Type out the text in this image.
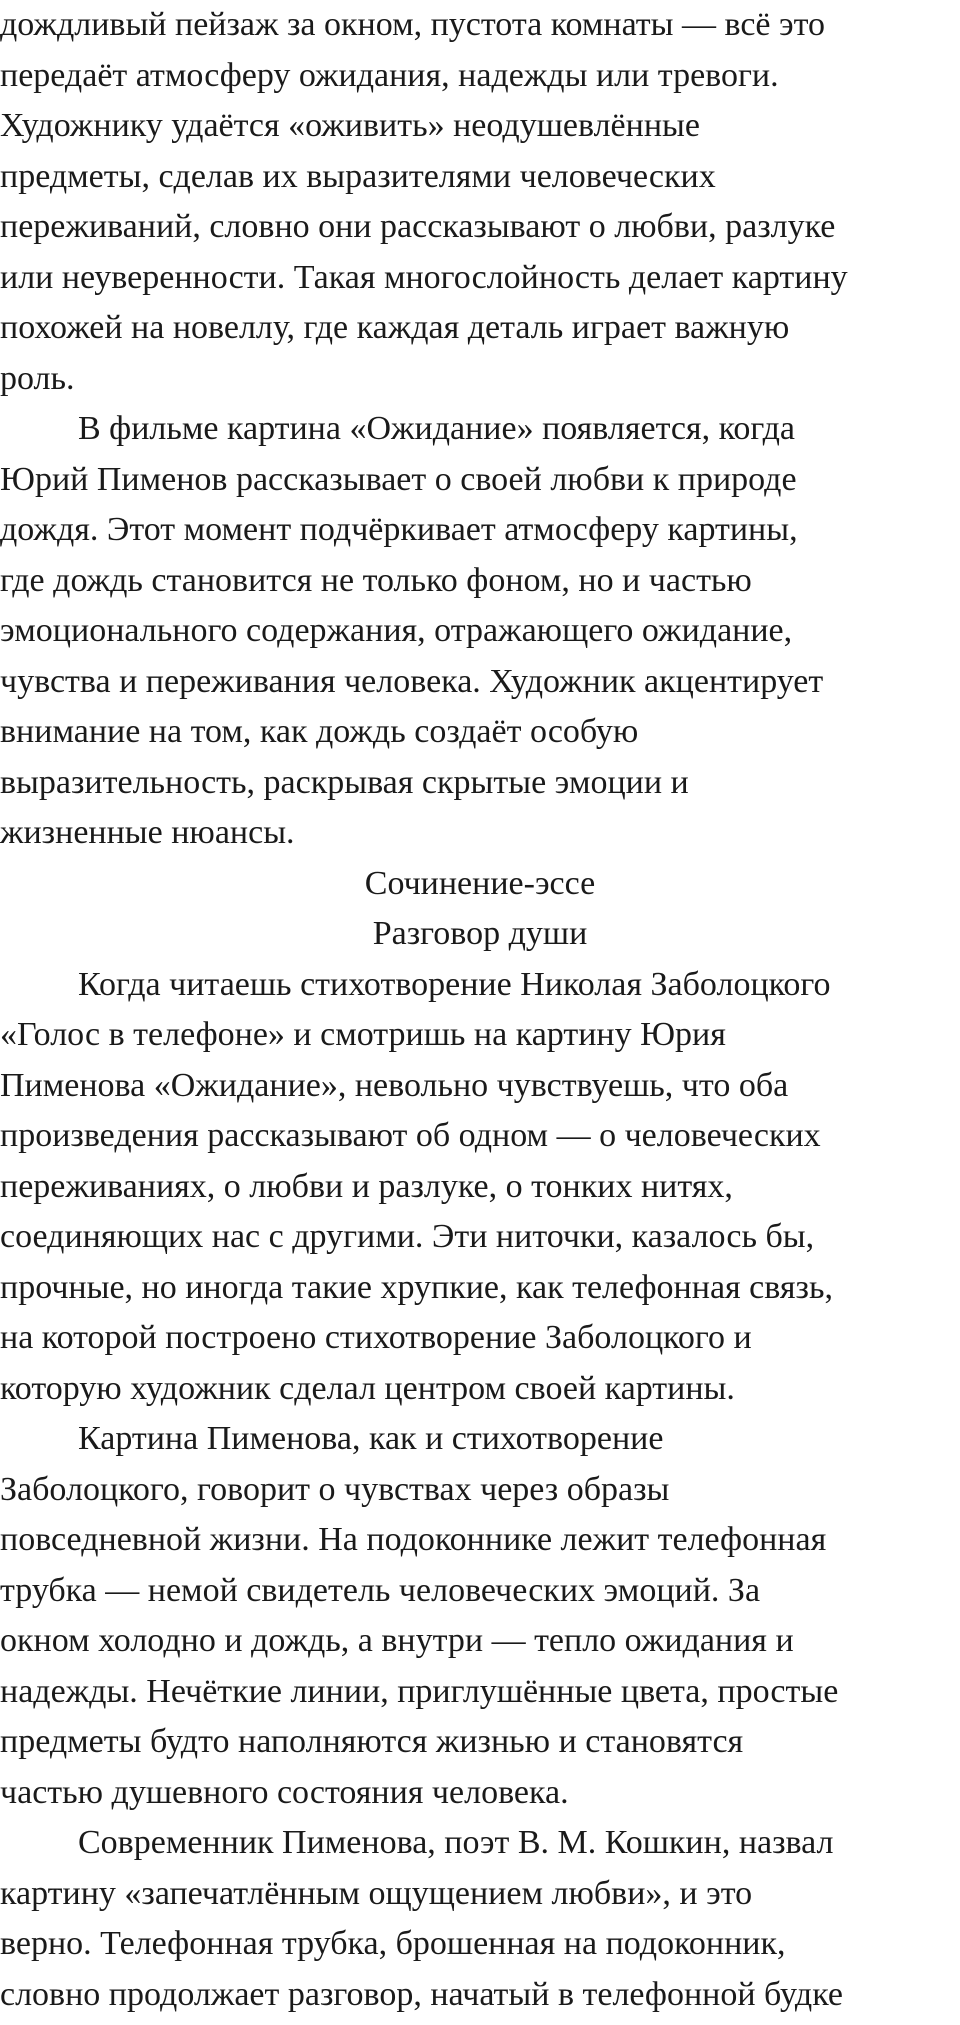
дождливый пейзаж за окном, пустота комнаты — всё это
передаёт атмосферу ожидания, надежды или тревоги.
Художнику удаётся «оживить» неодушевлённые
предметы, сделав их выразителями человеческих
переживаний, словно они рассказывают о любви, разлуке
или неуверенности. Такая многослойность делает картину
похожей на новеллу, где каждая деталь играет важную
роль.
В фильме картина «Ожидание» появляется, когда
Юрий Пименов рассказывает о своей любви к природе
дождя. Этот момент подчёркивает атмосферу картины,
где дождь становится не только фоном, но и частью
эмоционального содержания, отражающего ожидание,
чувства и переживания человека. Художник акцентирует
внимание на том, как дождь создаёт особую
выразительность, раскрывая скрытые эмоции и
жизненные нюансы.
Сочинение-эссе
Разговор души
Когда читаешь стихотворение Николая Заболоцкого
«Голос в телефоне» и смотришь на картину Юрия
Пименова «Ожидание», невольно чувствуешь, что оба
произведения рассказывают об одном — о человеческих
переживаниях, о любви и разлуке, о тонких нитях,
соединяющих нас с другими. Эти ниточки, казалось бы,
прочные, но иногда такие хрупкие, как телефонная связь,
на которой построено стихотворение Заболоцкого и
которую художник сделал центром своей картины.
Картина Пименова, как и стихотворение
Заболоцкого, говорит о чувствах через образы
повседневной жизни. На подоконнике лежит телефонная
трубка — немой свидетель человеческих эмоций. За
окном холодно и дождь, а внутри — тепло ожидания и
надежды. Нечёткие линии, приглушённые цвета, простые
предметы будто наполняются жизнью и становятся
частью душевного состояния человека.
Современник Пименова, поэт В. М. Кошкин, назвал
картину «запечатлённым ощущением любви», и это
верно. Телефонная трубка, брошенная на подоконник,
словно продолжает разговор, начатый в телефонной будке
